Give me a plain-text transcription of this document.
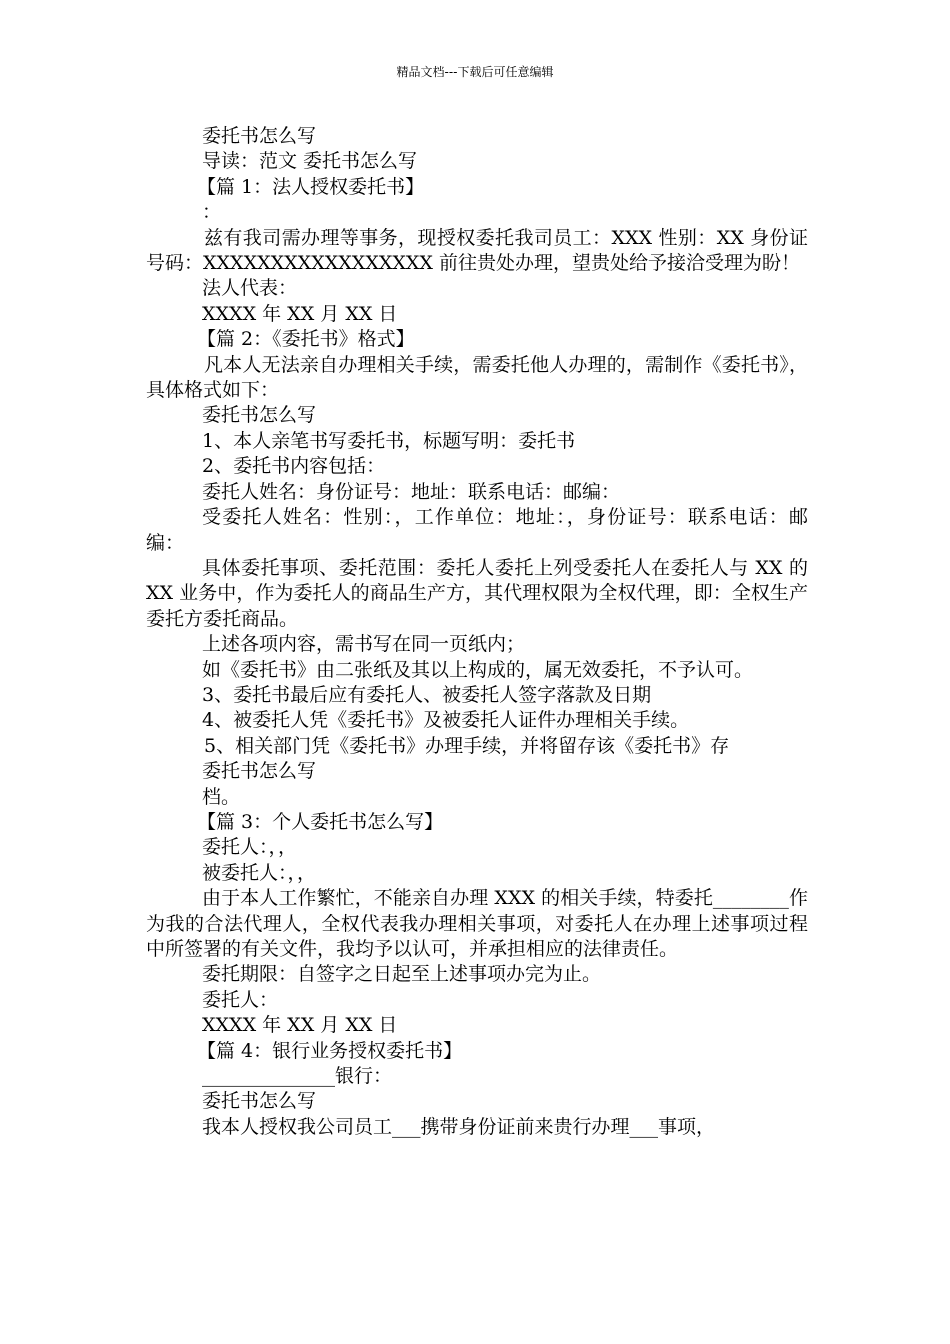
精品文档---下载后可任意编辑

委托书怎么写

导读：范文 委托书怎么写

【篇 1：法人授权委托书】

：

兹有我司需办理等事务，现授权委托我司员工：XXX 性别：XX 身份证号码：XXXXXXXXXXXXXXXXX 前往贵处办理，望贵处给予接洽受理为盼！

法人代表：

XXXX 年 XX 月 XX 日

【篇 2：《委托书》格式】

凡本人无法亲自办理相关手续，需委托他人办理的，需制作《委托书》，具体格式如下：

委托书怎么写

1、本人亲笔书写委托书，标题写明：委托书

2、委托书内容包括：

委托人姓名：身份证号：地址：联系电话：邮编：

受委托人姓名：性别：，工作单位：地址：，身份证号：联系电话：邮编：

具体委托事项、委托范围：委托人委托上列受委托人在委托人与 XX 的 XX 业务中，作为委托人的商品生产方，其代理权限为全权代理，即：全权生产委托方委托商品。

上述各项内容，需书写在同一页纸内；

如《委托书》由二张纸及其以上构成的，属无效委托，不予认可。

3、委托书最后应有委托人、被委托人签字落款及日期

4、被委托人凭《委托书》及被委托人证件办理相关手续。

5、相关部门凭《委托书》办理手续，并将留存该《委托书》存

委托书怎么写

档。

【篇 3：个人委托书怎么写】

委托人：，，

被委托人：，，

由于本人工作繁忙，不能亲自办理 XXX 的相关手续，特委托________作为我的合法代理人，全权代表我办理相关事项，对委托人在办理上述事项过程中所签署的有关文件，我均予以认可，并承担相应的法律责任。

委托期限：自签字之日起至上述事项办完为止。

委托人：

XXXX 年 XX 月 XX 日

【篇 4：银行业务授权委托书】

______________银行：

委托书怎么写

我本人授权我公司员工___携带身份证前来贵行办理___事项，
